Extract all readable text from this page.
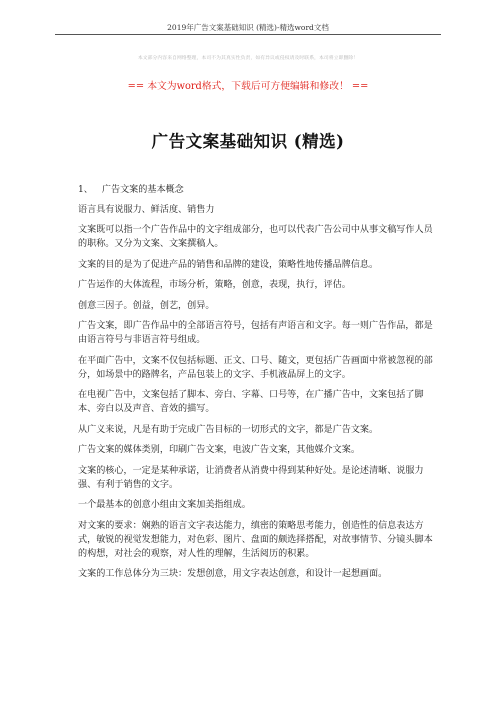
2019年广告文案基础知识 (精选)-精选word文档
本文部分内容来自网络整理，本司不为其真实性负责，如有异议或侵权请及时联系，本司将立即删除！
== 本文为word格式，下载后可方便编辑和修改！ ==
广告文案基础知识 (精选)
1、 广告文案的基本概念

语言具有说服力、鲜活度、销售力

文案既可以指一个广告作品中的文字组成部分，也可以代表广告公司中从事文稿写作人员的职称。又分为文案、文案撰稿人。

文案的目的是为了促进产品的销售和品牌的建设，策略性地传播品牌信息。

广告运作的大体流程，市场分析，策略，创意，表现，执行，评估。

创意三因子。创益，创艺，创异。

广告文案，即广告作品中的全部语言符号，包括有声语言和文字。每一则广告作品，都是由语言符号与非语言符号组成。

在平面广告中，文案不仅包括标题、正文、口号、随文，更包括广告画面中常被忽视的部分，如场景中的路牌名，产品包装上的文字、手机液晶屏上的文字。

在电视广告中，文案包括了脚本、旁白、字幕、口号等，在广播广告中，文案包括了脚本、旁白以及声音、音效的描写。

从广义来说，凡是有助于完成广告目标的一切形式的文字，都是广告文案。

广告文案的媒体类别，印刷广告文案，电波广告文案，其他媒介文案。

文案的核心，一定是某种承诺，让消费者从消费中得到某种好处。是论述清晰、说服力强、有利于销售的文字。

一个最基本的创意小组由文案加美指组成。

对文案的要求：娴熟的语言文字表达能力，缜密的策略思考能力，创造性的信息表达方式，敏锐的视觉发想能力，对色彩、图片、盘面的颇选择搭配，对故事情节、分镜头脚本的构想，对社会的观察，对人性的理解，生活阅历的积累。

文案的工作总体分为三块：发想创意，用文字表达创意，和设计一起想画面。
